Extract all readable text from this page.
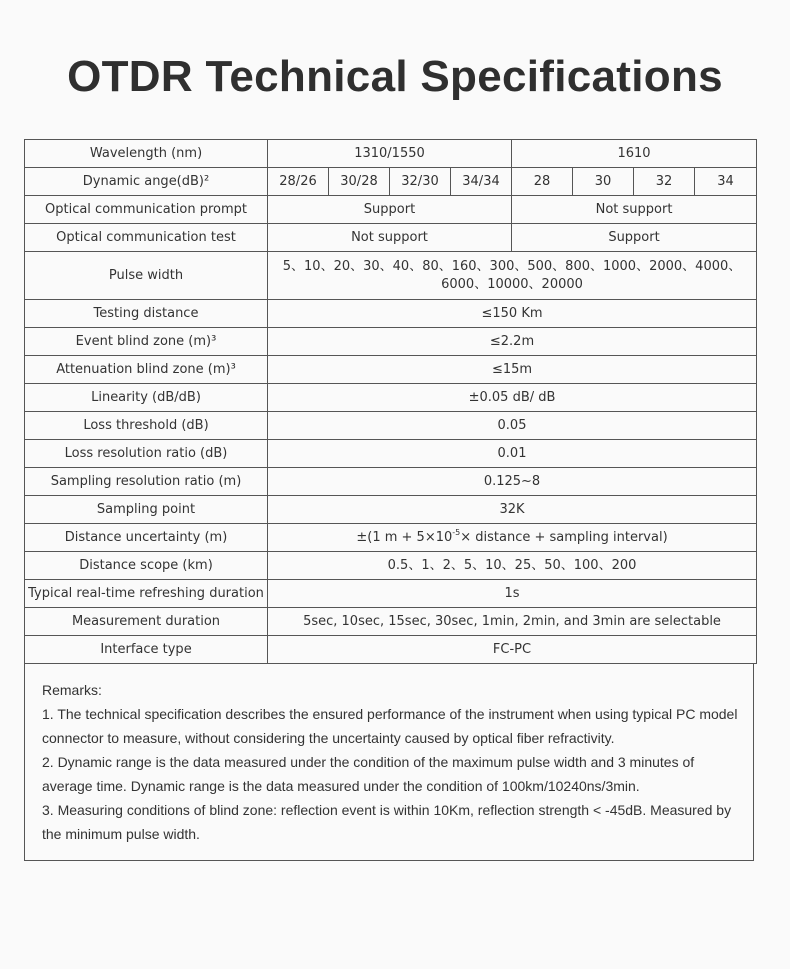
OTDR Technical Specifications
Wavelength (nm)	1310/1550				1610			
Dynamic ange(dB)²	28/26	30/28	32/30	34/34	28	30	32	34
Optical communication prompt	Support				Not support			
Optical communication test	Not support				Support			
Pulse width	5、10、20、30、40、80、160、300、500、800、1000、2000、4000、
6000、10000、20000							

Testing distance	≤150 Km							
Event blind zone (m)³	≤2.2m							
Attenuation blind zone (m)³	≤15m							
Linearity (dB/dB)	±0.05 dB/ dB							
Loss threshold (dB)	0.05							
Loss resolution ratio (dB)	0.01							
Sampling resolution ratio (m)	0.125~8							
Sampling point	32K							
Distance uncertainty (m)	±(1 $m + 5\times 10^{-5}\times$ distance + sampling interval)							
Distance scope (km)	0.5、1、2、5、10、25、50、100、200							
Typical real-time refreshing duration	1s							
Measurement duration	5sec, 10sec, 15sec, 30sec, 1min, 2min, and 3min are selectable							
Interface type	FC-PC							

Remarks:

1. The technical specification describes the ensured performance of the instrument when using typical PC model

connector to measure, without considering the uncertainty caused by optical fiber refractivity.

2. Dynamic range is the data measured under the condition of the maximum pulse width and 3 minutes of

average time. Dynamic range is the data measured under the condition of 100km/10240ns/3min.

3. Measuring conditions of blind zone: reflection event is within 10Km, reflection strength < -45dB. Measured by

the minimum pulse width.
